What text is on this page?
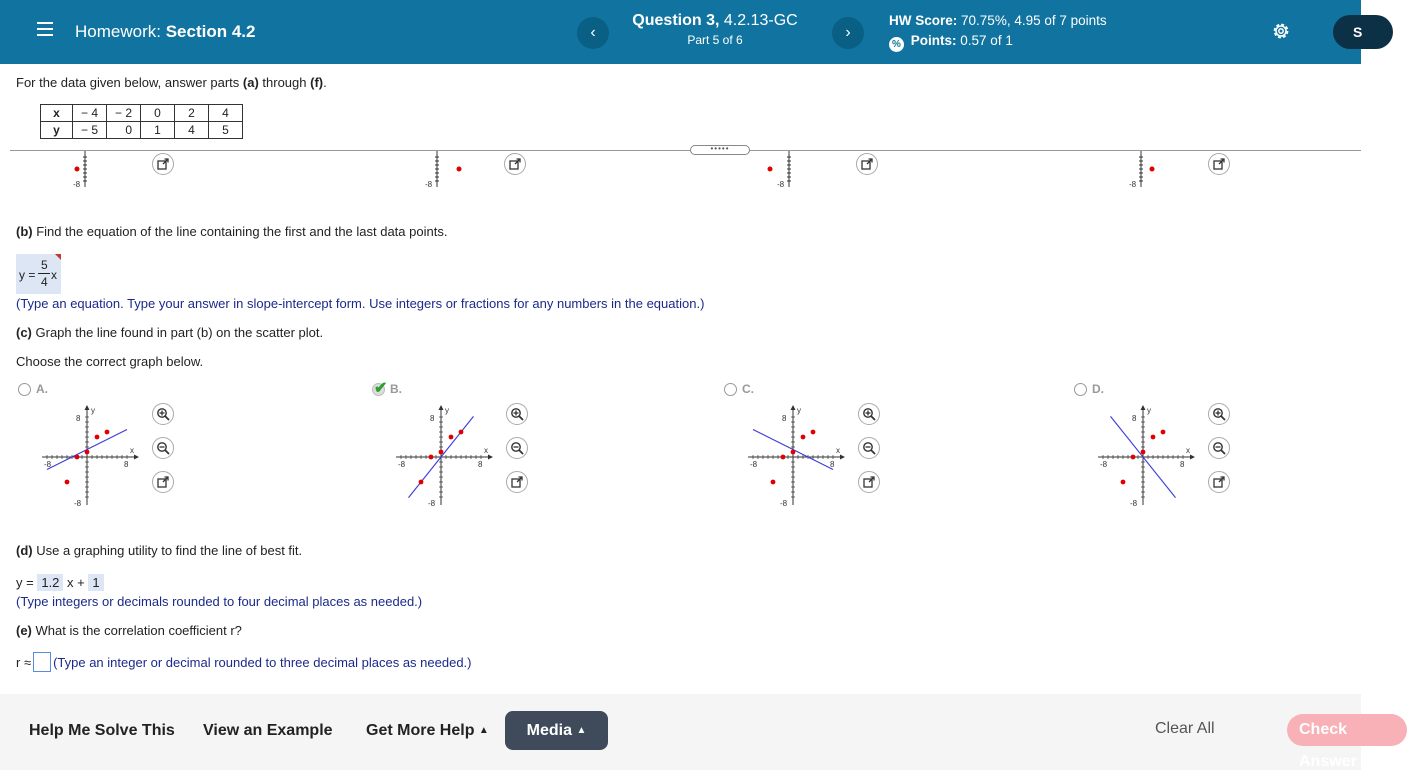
Homework: Section 4.2	‹
Question 3, 4.2.13-GC
Part 5 of 6	›
HW Score: 70.75%, 4.95 of 7 points
% Points: 0.57 of 1
S
For the data given below, answer parts (a) through (f).
x	− 4	− 2	0	2	4
y	− 5	0	1	4	5
•••••
-8	-8	-8	-8
(b) Find the equation of the line containing the first and the last data points.
y =
5
4 x
(Type an equation. Type your answer in slope-intercept form. Use integers or fractions for any numbers in the equation.)
(c) Graph the line found in part (b) on the scatter plot.
Choose the correct graph below.
A.
y
x
8
-8
-8	8
✔ B.
y
x
8
-8
-8	8
C.
y
x
8
-8
-8	8
D.
y
x
8
-8
-8	8
(d) Use a graphing utility to find the line of best fit.
y = 1.2 x + 1
(Type integers or decimals rounded to four decimal places as needed.)
(e) What is the correlation coefficient r?
r ≈ (Type an integer or decimal rounded to three decimal places as needed.)
Help Me Solve This View an Example Get More Help ▲	Media ▲	Clear All	Check Answer
